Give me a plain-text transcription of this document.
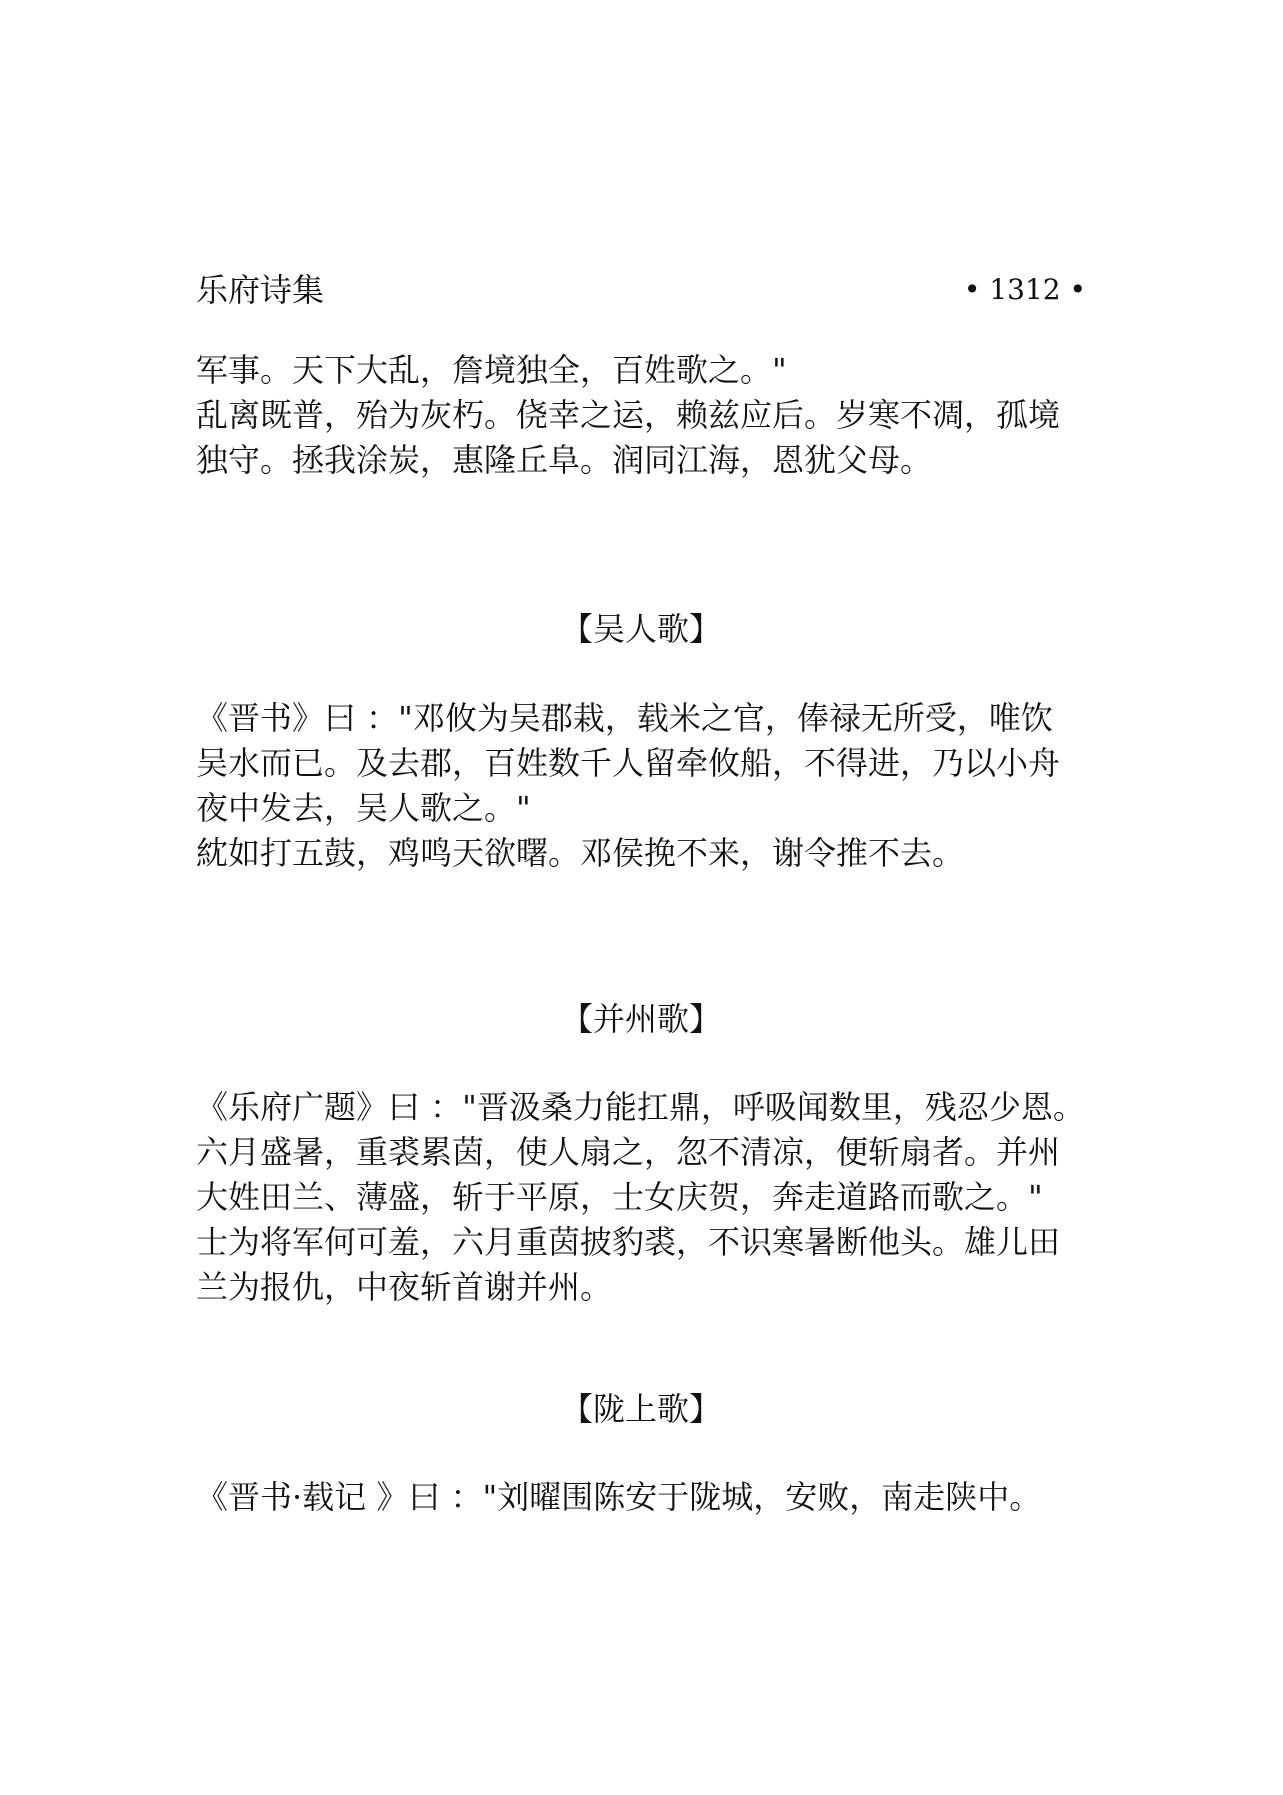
乐府诗集	• 1312 •
军事。天下大乱，詹境独全，百姓歌之。"
乱离既普，殆为灰朽。侥幸之运，赖兹应后。岁寒不凋，孤境
独守。拯我涂炭，惠隆丘阜。润同江海，恩犹父母。
【吴人歌】
《晋书》曰 ："邓攸为吴郡栽，载米之官，俸禄无所受，唯饮
吴水而已。及去郡，百姓数千人留牵攸船，不得进，乃以小舟
夜中发去，吴人歌之。"
紞如打五鼓，鸡鸣天欲曙。邓侯挽不来，谢令推不去。
【并州歌】
《乐府广题》曰 ："晋汲桑力能扛鼎，呼吸闻数里，残忍少恩。
六月盛暑，重裘累茵，使人扇之，忽不清凉，便斩扇者。并州
大姓田兰、薄盛，斩于平原，士女庆贺，奔走道路而歌之。"
士为将军何可羞，六月重茵披豹裘，不识寒暑断他头。雄儿田
兰为报仇，中夜斩首谢并州。
【陇上歌】
《晋书·载记 》曰 ："刘曜围陈安于陇城，安败，南走陕中。
